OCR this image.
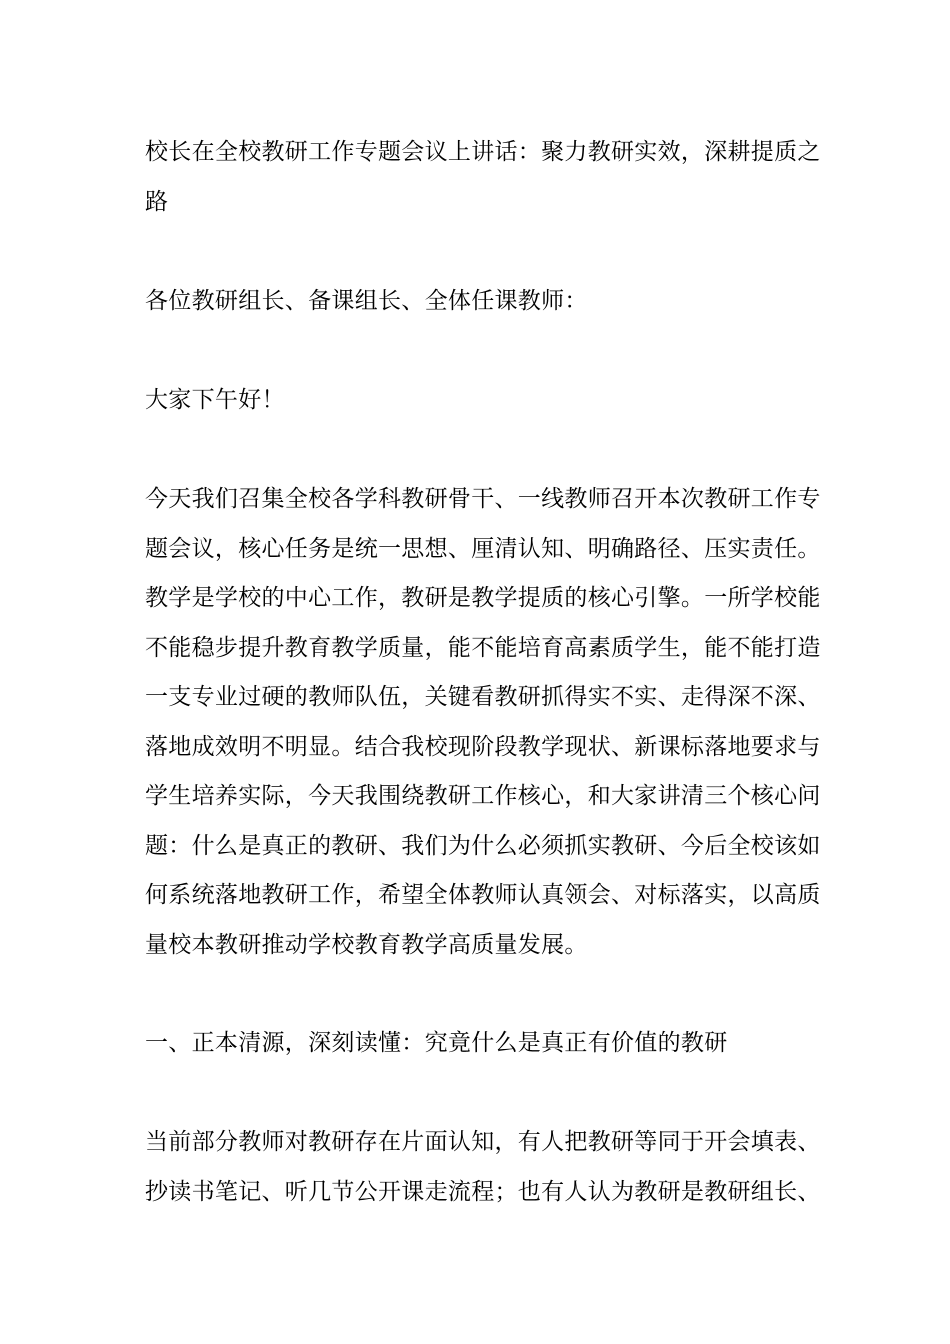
校长在全校教研工作专题会议上讲话：聚力教研实效，深耕提质之
路
各位教研组长、备课组长、全体任课教师：
大家下午好！
今天我们召集全校各学科教研骨干、一线教师召开本次教研工作专
题会议，核心任务是统一思想、厘清认知、明确路径、压实责任。
教学是学校的中心工作，教研是教学提质的核心引擎。一所学校能
不能稳步提升教育教学质量，能不能培育高素质学生，能不能打造
一支专业过硬的教师队伍，关键看教研抓得实不实、走得深不深、
落地成效明不明显。结合我校现阶段教学现状、新课标落地要求与
学生培养实际，今天我围绕教研工作核心，和大家讲清三个核心问
题：什么是真正的教研、我们为什么必须抓实教研、今后全校该如
何系统落地教研工作，希望全体教师认真领会、对标落实，以高质
量校本教研推动学校教育教学高质量发展。
一、正本清源，深刻读懂：究竟什么是真正有价值的教研
当前部分教师对教研存在片面认知，有人把教研等同于开会填表、
抄读书笔记、听几节公开课走流程；也有人认为教研是教研组长、
